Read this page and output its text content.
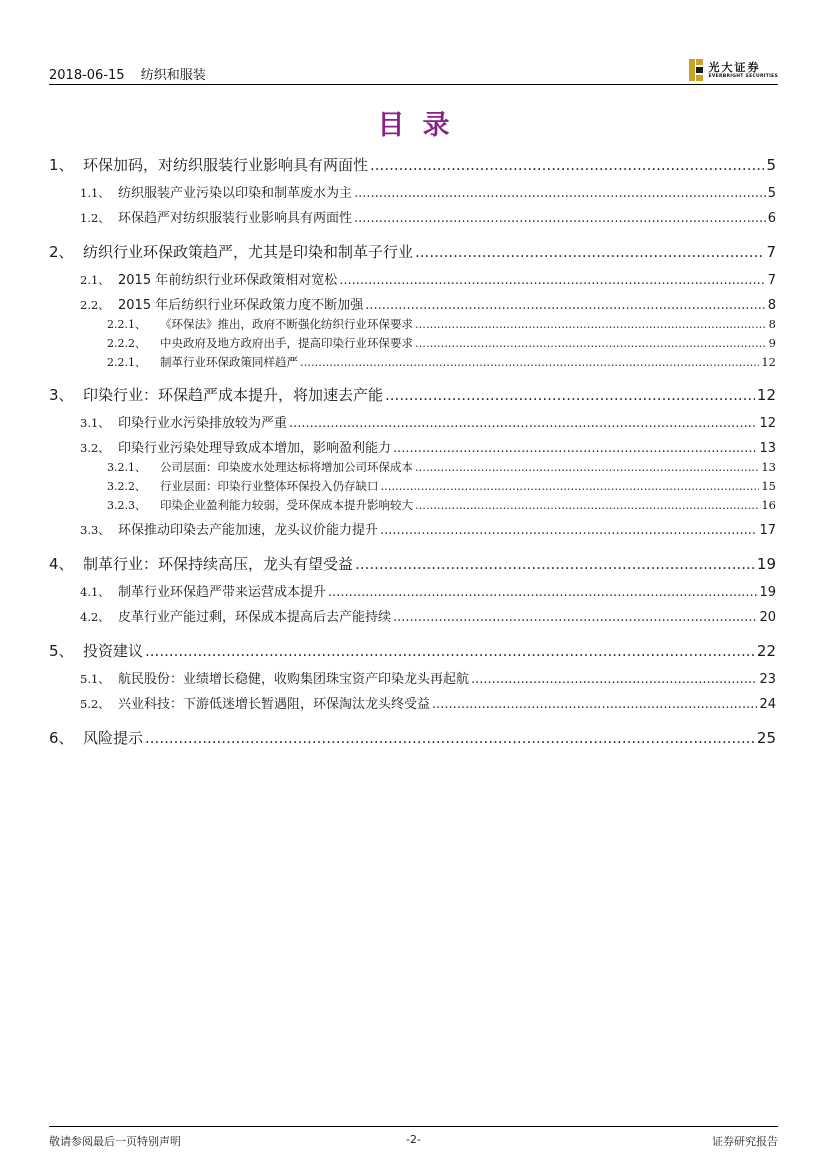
2018-06-15 纺织和服装
光大证券
EVERBRIGHT SECURITIES
目录
1、 环保加码，对纺织服装行业影响具有两面性 .....	5
1.1、 纺织服装产业污染以印染和制革废水为主 .....	5
1.2、 环保趋严对纺织服装行业影响具有两面性 .....	6
2、 纺织行业环保政策趋严，尤其是印染和制革子行业 .....	7
2.1、 2015 年前纺织行业环保政策相对宽松 .....	7
2.2、 2015 年后纺织行业环保政策力度不断加强 .....	8
2.2.1、	《环保法》推出，政府不断强化纺织行业环保要求 .....	8
2.2.2、	中央政府及地方政府出手，提高印染行业环保要求 .....	9
2.2.1、	制革行业环保政策同样趋严 .....	12
3、 印染行业：环保趋严成本提升，将加速去产能 .....	12
3.1、 印染行业水污染排放较为严重 .....	12
3.2、 印染行业污染处理导致成本增加，影响盈利能力 .....	13
3.2.1、	公司层面：印染废水处理达标将增加公司环保成本 .....	13
3.2.2、	行业层面：印染行业整体环保投入仍存缺口 .....	15
3.2.3、	印染企业盈利能力较弱，受环保成本提升影响较大 .....	16
3.3、 环保推动印染去产能加速，龙头议价能力提升 .....	17
4、 制革行业：环保持续高压，龙头有望受益 .....	19
4.1、 制革行业环保趋严带来运营成本提升 .....	19
4.2、 皮革行业产能过剩，环保成本提高后去产能持续 .....	20
5、 投资建议 .....	22
5.1、 航民股份：业绩增长稳健，收购集团珠宝资产印染龙头再起航 .....	23
5.2、 兴业科技：下游低迷增长暂遇阻，环保淘汰龙头终受益 .....	24
6、 风险提示 .....	25
敬请参阅最后一页特别声明	-2-	证券研究报告
